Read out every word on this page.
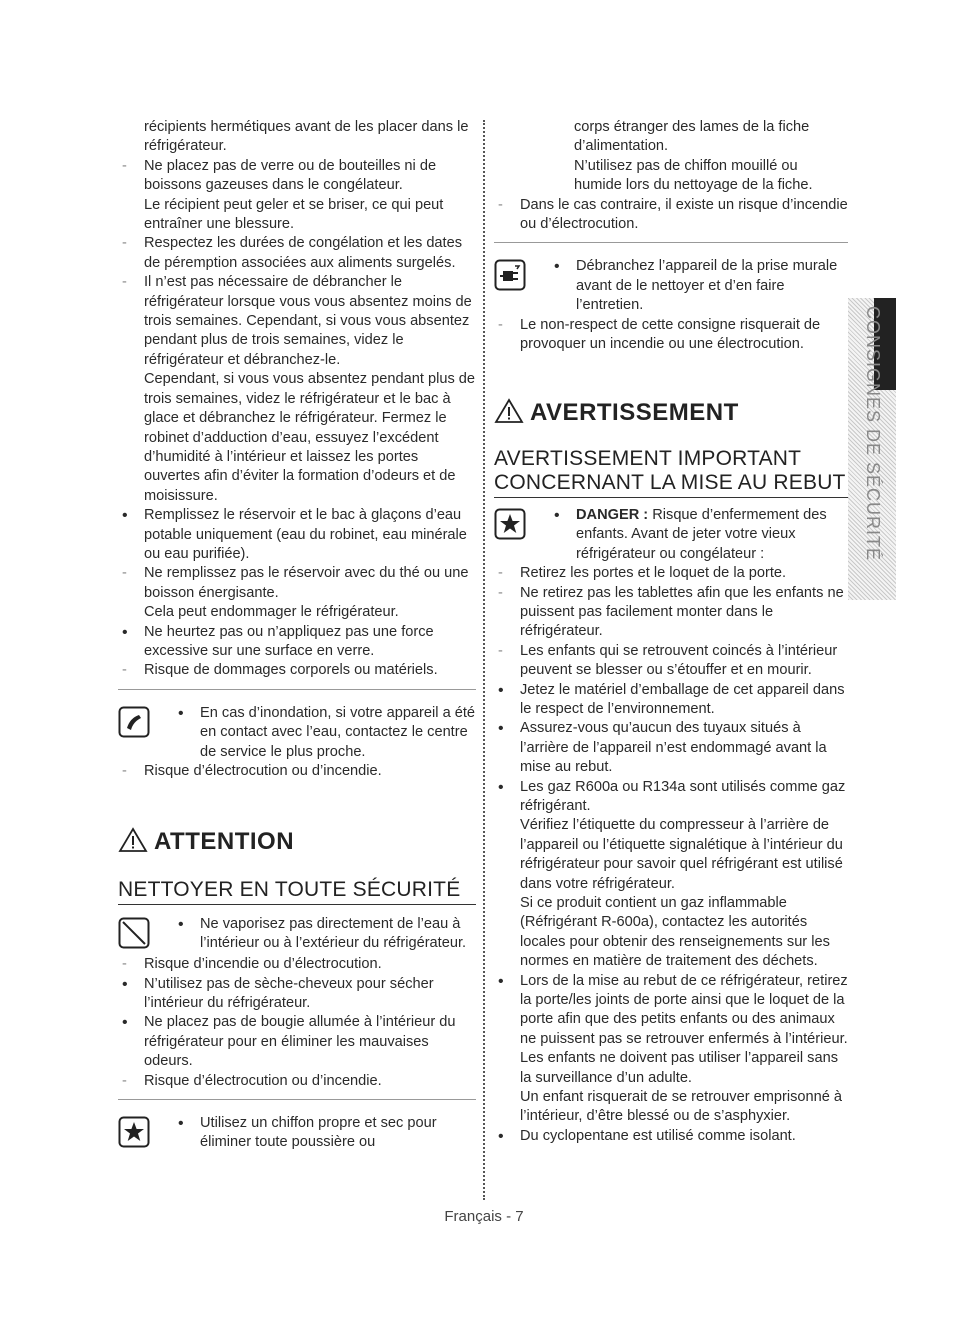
récipients hermétiques avant de les placer dans le réfrigérateur.
- Ne placez pas de verre ou de bouteilles ni de boissons gazeuses dans le congélateur.
Le récipient peut geler et se briser, ce qui peut entraîner une blessure.
- Respectez les durées de congélation et les dates de péremption associées aux aliments surgelés.
- Il n’est pas nécessaire de débrancher le réfrigérateur lorsque vous vous absentez moins de trois semaines. Cependant, si vous vous absentez pendant plus de trois semaines, videz le réfrigérateur et débranchez-le.
Cependant, si vous vous absentez pendant plus de trois semaines, videz le réfrigérateur et le bac à glace et débranchez le réfrigérateur. Fermez le robinet d’adduction d’eau, essuyez l’excédent d’humidité à l’intérieur et laissez les portes ouvertes afin d’éviter la formation d’odeurs et de moisissure.
• Remplissez le réservoir et le bac à glaçons d’eau potable uniquement (eau du robinet, eau minérale ou eau purifiée).
- Ne remplissez pas le réservoir avec du thé ou une boisson énergisante.
Cela peut endommager le réfrigérateur.
• Ne heurtez pas ou n’appliquez pas une force excessive sur une surface en verre.
- Risque de dommages corporels ou matériels.
• En cas d’inondation, si votre appareil a été en contact avec l’eau, contactez le centre de service le plus proche.
- Risque d’électrocution ou d’incendie.
ATTENTION
NETTOYER EN TOUTE SÉCURITÉ
• Ne vaporisez pas directement de l’eau à l’intérieur ou à l’extérieur du réfrigérateur.
- Risque d’incendie ou d’électrocution.
• N’utilisez pas de sèche-cheveux pour sécher l’intérieur du réfrigérateur.
• Ne placez pas de bougie allumée à l’intérieur du réfrigérateur pour en éliminer les mauvaises odeurs.
- Risque d’électrocution ou d’incendie.
• Utilisez un chiffon propre et sec pour éliminer toute poussière ou
corps étranger des lames de la fiche d’alimentation.
N’utilisez pas de chiffon mouillé ou humide lors du nettoyage de la fiche.
- Dans le cas contraire, il existe un risque d’incendie ou d’électrocution.
• Débranchez l’appareil de la prise murale avant de le nettoyer et d’en faire l’entretien.
- Le non-respect de cette consigne risquerait de provoquer un incendie ou une électrocution.
AVERTISSEMENT
AVERTISSEMENT IMPORTANT CONCERNANT LA MISE AU REBUT
• DANGER : Risque d’enfermement des enfants. Avant de jeter votre vieux réfrigérateur ou congélateur :
- Retirez les portes et le loquet de la porte.
- Ne retirez pas les tablettes afin que les enfants ne puissent pas facilement monter dans le réfrigérateur.
- Les enfants qui se retrouvent coincés à l’intérieur peuvent se blesser ou s’étouffer et en mourir.
• Jetez le matériel d’emballage de cet appareil dans le respect de l’environnement.
• Assurez-vous qu’aucun des tuyaux situés à l’arrière de l’appareil n’est endommagé avant la mise au rebut.
• Les gaz R600a ou R134a sont utilisés comme gaz réfrigérant.
Vérifiez l’étiquette du compresseur à l’arrière de l’appareil ou l’étiquette signalétique à l’intérieur du réfrigérateur pour savoir quel réfrigérant est utilisé dans votre réfrigérateur.
Si ce produit contient un gaz inflammable (Réfrigérant R-600a), contactez les autorités locales pour obtenir des renseignements sur les normes en matière de traitement des déchets.
• Lors de la mise au rebut de ce réfrigérateur, retirez la porte/les joints de porte ainsi que le loquet de la porte afin que des petits enfants ou des animaux ne puissent pas se retrouver enfermés à l’intérieur.
Les enfants ne doivent pas utiliser l’appareil sans la surveillance d’un adulte.
Un enfant risquerait de se retrouver emprisonné à l’intérieur, d’être blessé ou de s’asphyxier.
• Du cyclopentane est utilisé comme isolant.
CONSIGNES DE SÉCURITÉ
Français - 7
